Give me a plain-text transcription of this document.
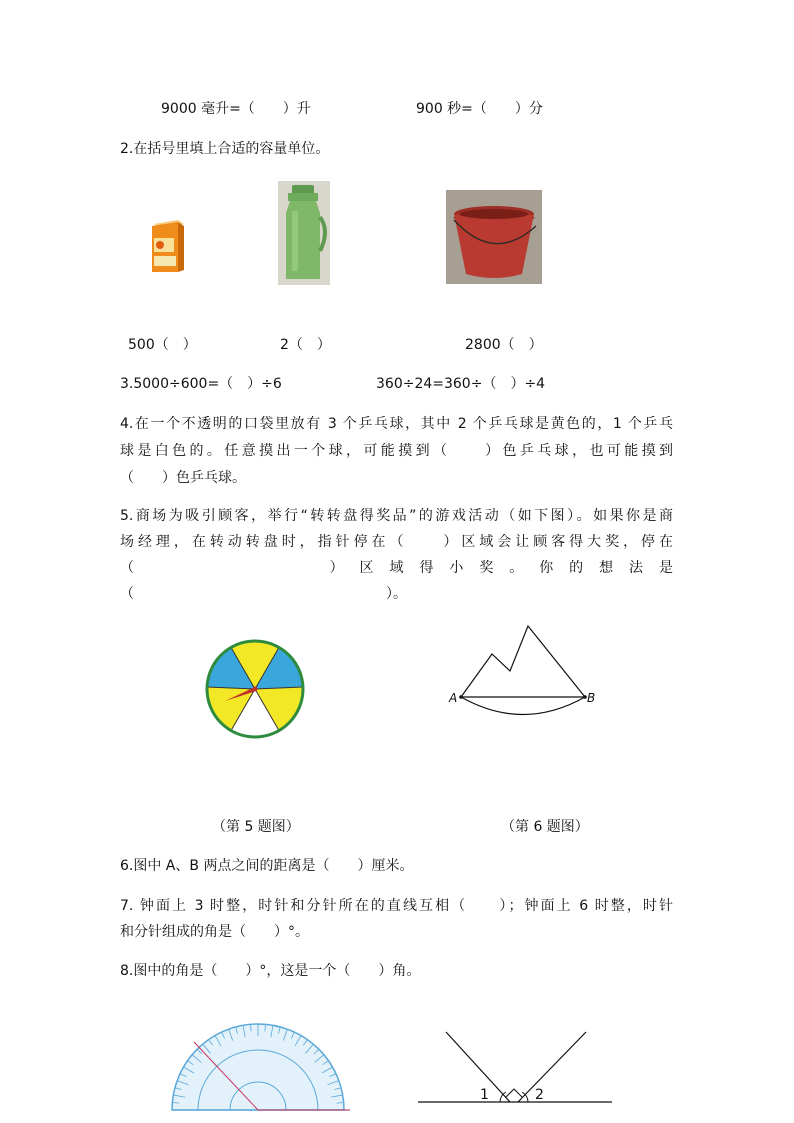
9000 毫升=（　　）升	900 秒=（　　）分
2.在括号里填上合适的容量单位。
500（　）	2（　）	2800（　）
3.5000÷600=（　）÷6	360÷24=360÷（　）÷4
4.在一个不透明的口袋里放有 3 个乒乓球，其中 2 个乒乓球是黄色的，1 个乒乓
球是白色的。任意摸出一个球，可能摸到（　　）色乒乓球，也可能摸到
（　　）色乒乓球。
5.商场为吸引顾客，举行“转转盘得奖品”的游戏活动（如下图）。如果你是商
场经理，在转动转盘时，指针停在（　　）区域会让顾客得大奖，停在
（　　　　　　）区域得小奖。你的想法是
（　　　　　　　　　　　　　　　　　　）。
A	B
（第 5 题图）	（第 6 题图）
6.图中 A、B 两点之间的距离是（　　）厘米。
7. 钟面上 3 时整，时针和分针所在的直线互相（　　）；钟面上 6 时整，时针
和分针组成的角是（　　）°。
8.图中的角是（　　）°，这是一个（　　）角。
1	2
